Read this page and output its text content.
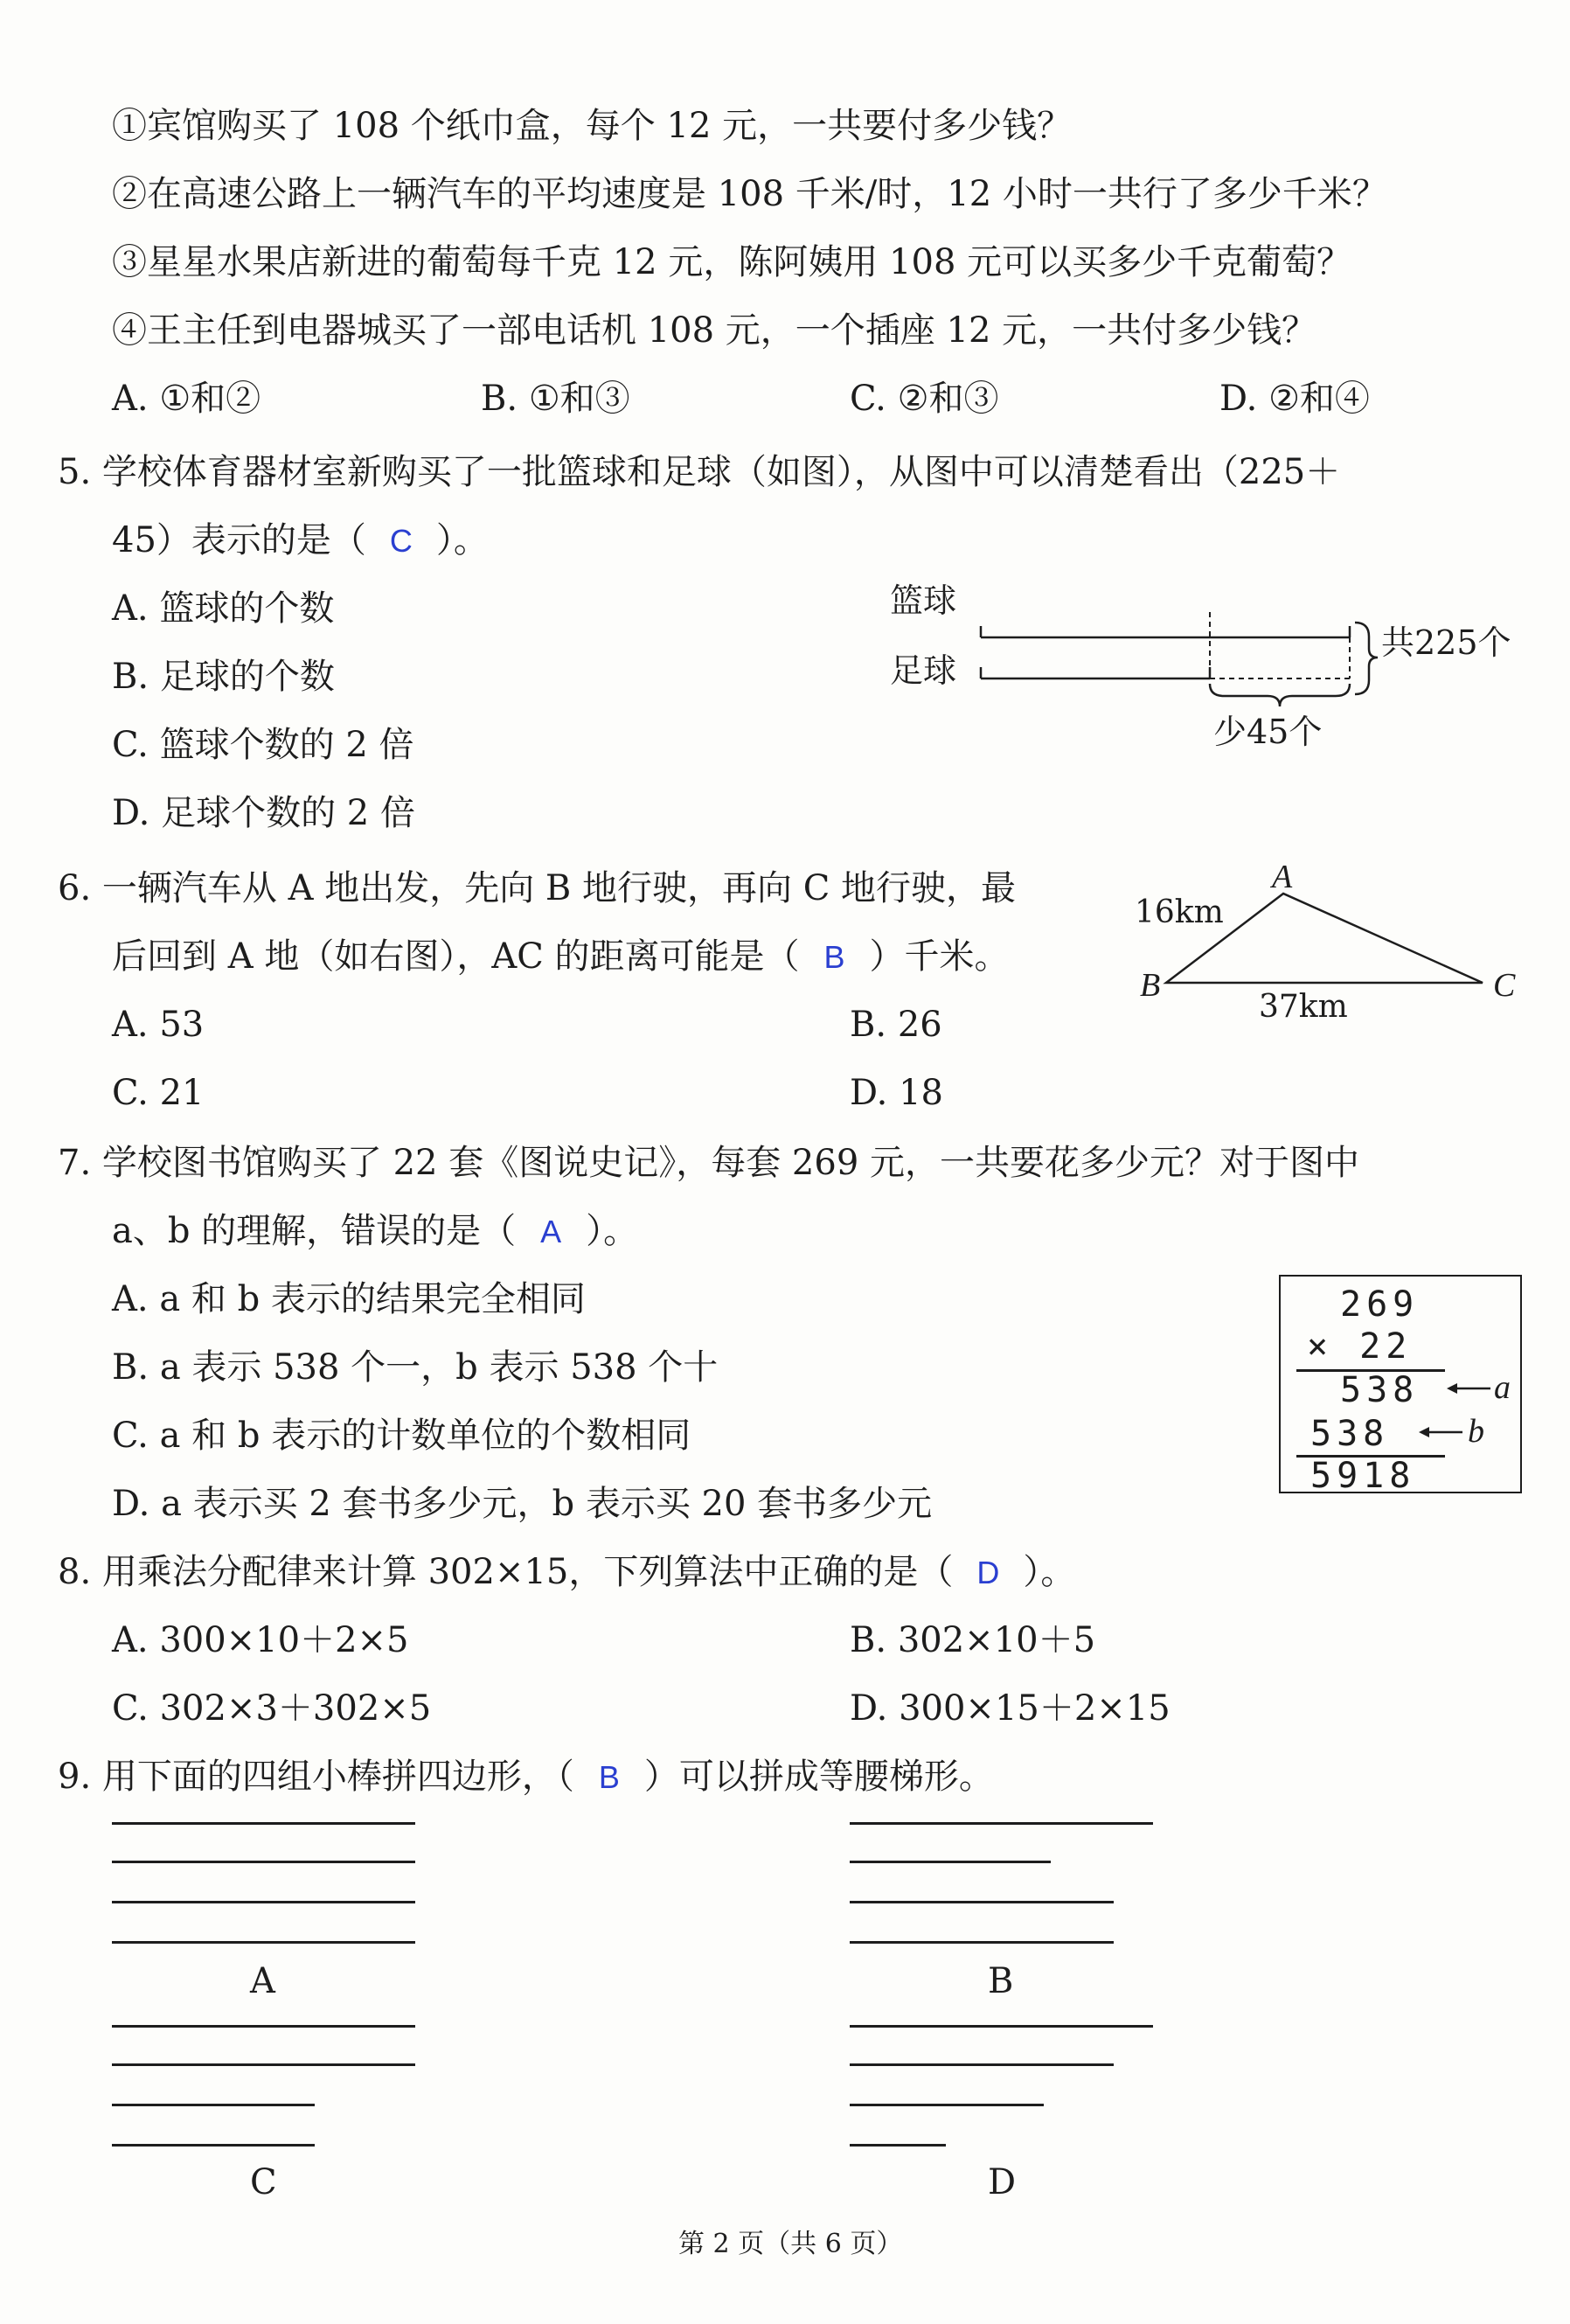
①宾馆购买了 108 个纸巾盒，每个 12 元，一共要付多少钱？
②在高速公路上一辆汽车的平均速度是 108 千米/时，12 小时一共行了多少千米？
③星星水果店新进的葡萄每千克 12 元，陈阿姨用 108 元可以买多少千克葡萄？
④王主任到电器城买了一部电话机 108 元，一个插座 12 元，一共付多少钱？
A. ①和②	B. ①和③	C. ②和③	D. ②和④
5. 学校体育器材室新购买了一批篮球和足球（如图），从图中可以清楚看出（225＋
45）表示的是（ C ）。
A. 篮球的个数
B. 足球的个数
C. 篮球个数的 2 倍
D. 足球个数的 2 倍
篮球
足球
共225个
少45个
6. 一辆汽车从 A 地出发，先向 B 地行驶，再向 C 地行驶，最
后回到 A 地（如右图），AC 的距离可能是（ B ）千米。
A. 53	B. 26
C. 21	D. 18
A
B	C
16km
37km
7. 学校图书馆购买了 22 套《图说史记》，每套 269 元，一共要花多少元？对于图中
a、b 的理解，错误的是（ A ）。
A. a 和 b 表示的结果完全相同
B. a 表示 538 个一，b 表示 538 个十
C. a 和 b 表示的计数单位的个数相同
D. a 表示买 2 套书多少元，b 表示买 20 套书多少元
269
× 22
538
538
5918
a
b
8. 用乘法分配律来计算 302×15，下列算法中正确的是（ D ）。
A. 300×10＋2×5	B. 302×10＋5
C. 302×3＋302×5	D. 300×15＋2×15
9. 用下面的四组小棒拼四边形，（ B ）可以拼成等腰梯形。
A	B
C	D
第 2 页（共 6 页）
